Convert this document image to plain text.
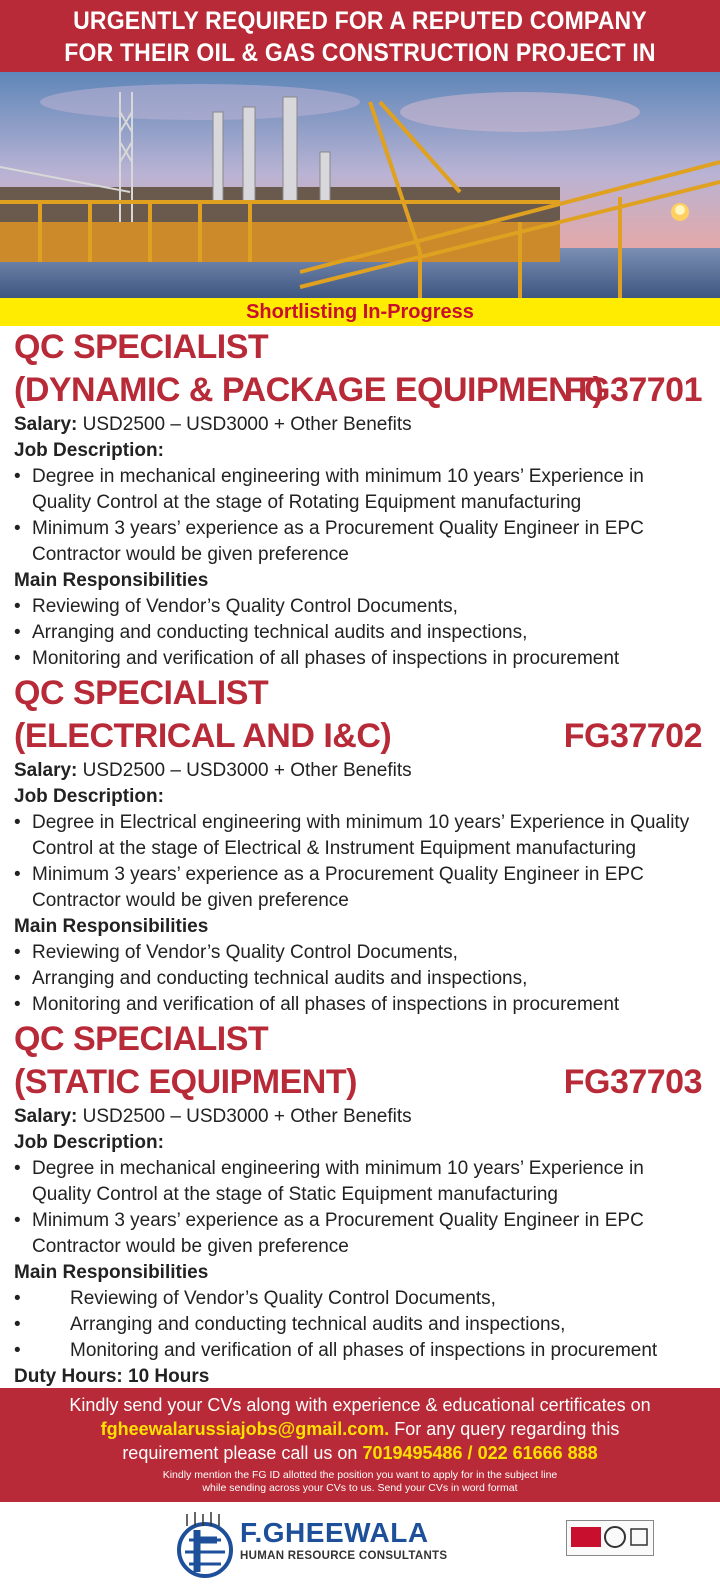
URGENTLY REQUIRED FOR A REPUTED COMPANY
FOR THEIR OIL & GAS CONSTRUCTION PROJECT IN
Shortlisting In-Progress
QC SPECIALIST
(DYNAMIC & PACKAGE EQUIPMENT)
FG37701
Salary: USD2500 – USD3000 + Other Benefits
Job Description:
• Degree in mechanical engineering with minimum 10 years’ Experience in
Quality Control at the stage of Rotating Equipment manufacturing
• Minimum 3 years’ experience as a Procurement Quality Engineer in EPC
Contractor would be given preference
Main Responsibilities
• Reviewing of Vendor’s Quality Control Documents,
• Arranging and conducting technical audits and inspections,
• Monitoring and verification of all phases of inspections in procurement
QC SPECIALIST
(ELECTRICAL AND I&C)	FG37702
Salary: USD2500 – USD3000 + Other Benefits
Job Description:
• Degree in Electrical engineering with minimum 10 years’ Experience in Quality
Control at the stage of Electrical & Instrument Equipment manufacturing
• Minimum 3 years’ experience as a Procurement Quality Engineer in EPC
Contractor would be given preference
Main Responsibilities
• Reviewing of Vendor’s Quality Control Documents,
• Arranging and conducting technical audits and inspections,
• Monitoring and verification of all phases of inspections in procurement
QC SPECIALIST
(STATIC EQUIPMENT)	FG37703
Salary: USD2500 – USD3000 + Other Benefits
Job Description:
• Degree in mechanical engineering with minimum 10 years’ Experience in
Quality Control at the stage of Static Equipment manufacturing
• Minimum 3 years’ experience as a Procurement Quality Engineer in EPC
Contractor would be given preference
Main Responsibilities
• Reviewing of Vendor’s Quality Control Documents,
• Arranging and conducting technical audits and inspections,
• Monitoring and verification of all phases of inspections in procurement
Duty Hours: 10 Hours
Kindly send your CVs along with experience & educational certificates on
fgheewalarussiajobs@gmail.com. For any query regarding this
requirement please call us on 7019495486 / 022 61666 888
Kindly mention the FG ID allotted the position you want to apply for in the subject line
while sending across your CVs to us. Send your CVs in word format
F.GHEEWALA
HUMAN RESOURCE CONSULTANTS
